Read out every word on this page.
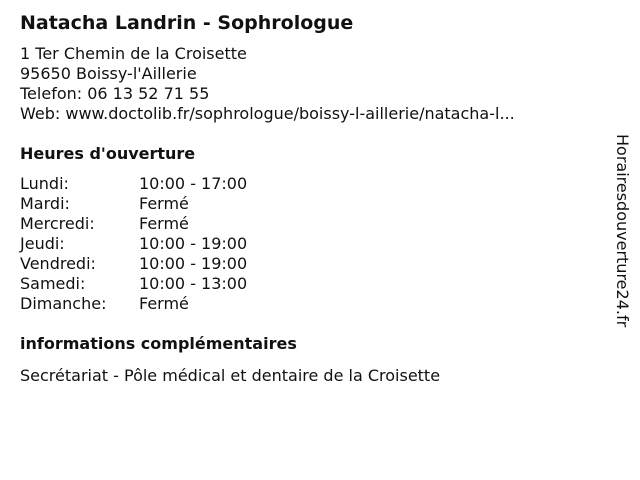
Natacha Landrin - Sophrologue
1 Ter Chemin de la Croisette
95650 Boissy-l'Aillerie
Telefon: 06 13 52 71 55
Web: www.doctolib.fr/sophrologue/boissy-l-aillerie/natacha-l...
Heures d'ouverture
Lundi:	10:00 - 17:00
Mardi:	Fermé
Mercredi:	Fermé
Jeudi:	10:00 - 19:00
Vendredi:	10:00 - 19:00
Samedi:	10:00 - 13:00
Dimanche:	Fermé
informations complémentaires
Secrétariat - Pôle médical et dentaire de la Croisette
Horairesdouverture24.fr
